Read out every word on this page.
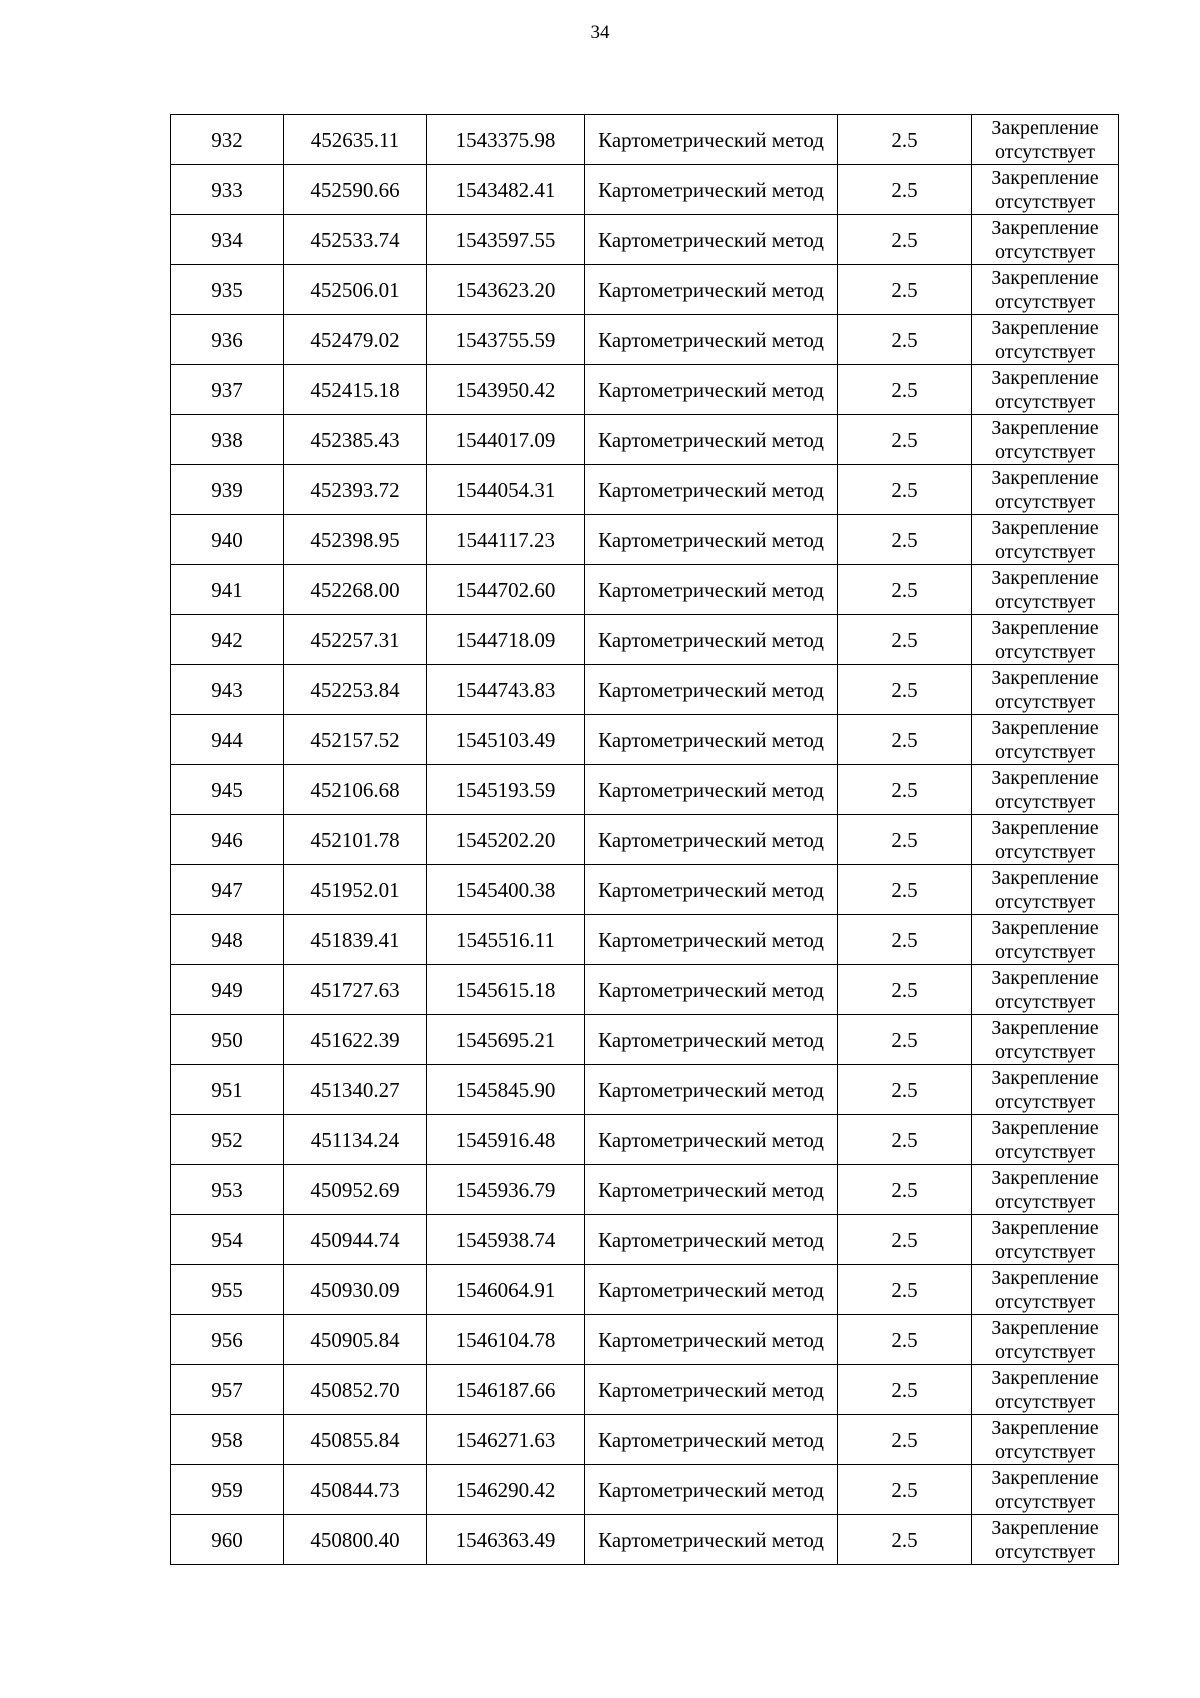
34
932	452635.11	1543375.98	Картометрический метод	2.5	Закрепление
отсутствует

933	452590.66	1543482.41	Картометрический метод	2.5	Закрепление
отсутствует

934	452533.74	1543597.55	Картометрический метод	2.5	Закрепление
отсутствует

935	452506.01	1543623.20	Картометрический метод	2.5	Закрепление
отсутствует

936	452479.02	1543755.59	Картометрический метод	2.5	Закрепление
отсутствует

937	452415.18	1543950.42	Картометрический метод	2.5	Закрепление
отсутствует

938	452385.43	1544017.09	Картометрический метод	2.5	Закрепление
отсутствует

939	452393.72	1544054.31	Картометрический метод	2.5	Закрепление
отсутствует

940	452398.95	1544117.23	Картометрический метод	2.5	Закрепление
отсутствует

941	452268.00	1544702.60	Картометрический метод	2.5	Закрепление
отсутствует

942	452257.31	1544718.09	Картометрический метод	2.5	Закрепление
отсутствует

943	452253.84	1544743.83	Картометрический метод	2.5	Закрепление
отсутствует

944	452157.52	1545103.49	Картометрический метод	2.5	Закрепление
отсутствует

945	452106.68	1545193.59	Картометрический метод	2.5	Закрепление
отсутствует

946	452101.78	1545202.20	Картометрический метод	2.5	Закрепление
отсутствует

947	451952.01	1545400.38	Картометрический метод	2.5	Закрепление
отсутствует

948	451839.41	1545516.11	Картометрический метод	2.5	Закрепление
отсутствует

949	451727.63	1545615.18	Картометрический метод	2.5	Закрепление
отсутствует

950	451622.39	1545695.21	Картометрический метод	2.5	Закрепление
отсутствует

951	451340.27	1545845.90	Картометрический метод	2.5	Закрепление
отсутствует

952	451134.24	1545916.48	Картометрический метод	2.5	Закрепление
отсутствует

953	450952.69	1545936.79	Картометрический метод	2.5	Закрепление
отсутствует

954	450944.74	1545938.74	Картометрический метод	2.5	Закрепление
отсутствует

955	450930.09	1546064.91	Картометрический метод	2.5	Закрепление
отсутствует

956	450905.84	1546104.78	Картометрический метод	2.5	Закрепление
отсутствует

957	450852.70	1546187.66	Картометрический метод	2.5	Закрепление
отсутствует

958	450855.84	1546271.63	Картометрический метод	2.5	Закрепление
отсутствует

959	450844.73	1546290.42	Картометрический метод	2.5	Закрепление
отсутствует

960	450800.40	1546363.49	Картометрический метод	2.5	Закрепление
отсутствует
